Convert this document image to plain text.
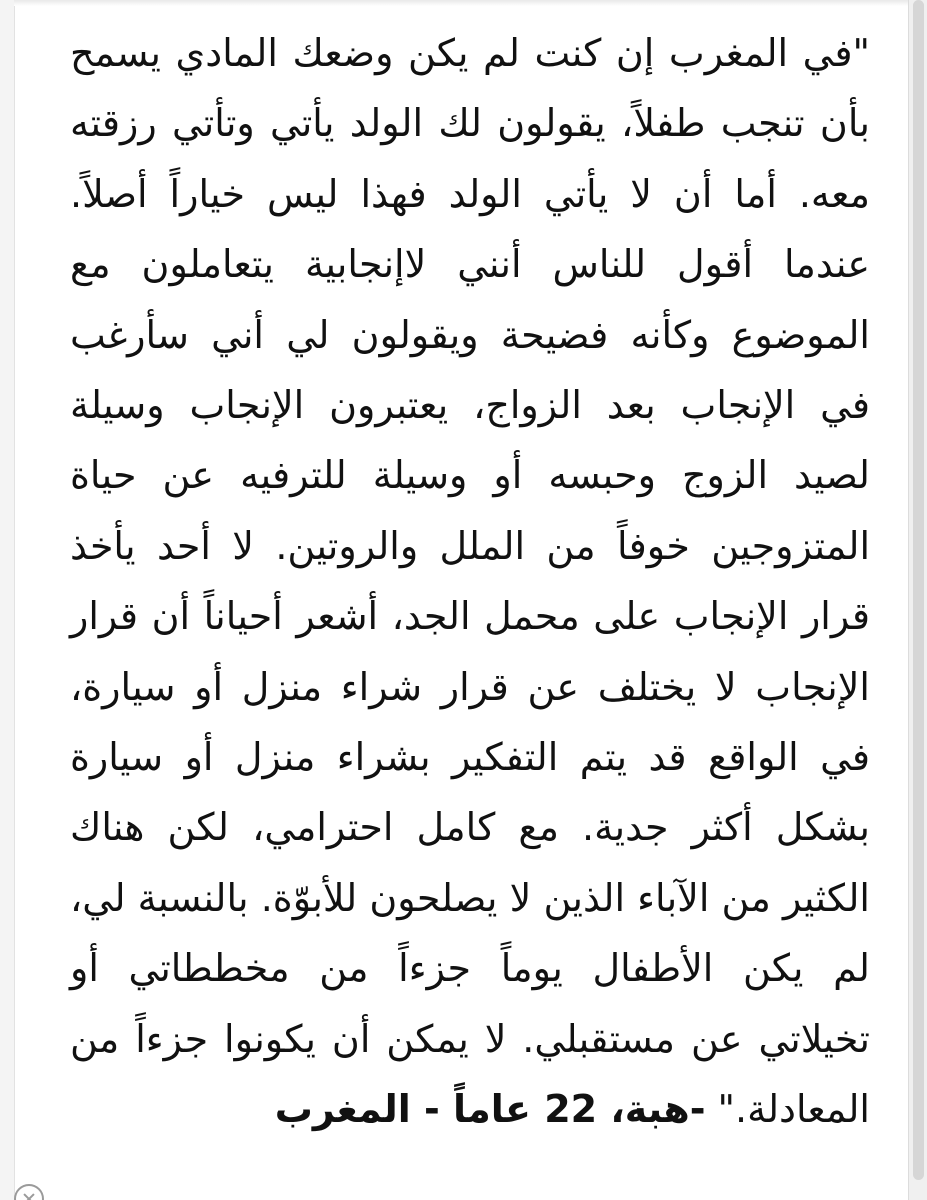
"في المغرب إن كنت لم يكن وضعك المادي يسمح بأن تنجب طفلاً، يقولون لك الولد يأتي وتأتي رزقته معه. أما أن لا يأتي الولد فهذا ليس خياراً أصلاً. عندما أقول للناس أنني لاإنجابية يتعاملون مع الموضوع وكأنه فضيحة ويقولون لي أني سأرغب في الإنجاب بعد الزواج، يعتبرون الإنجاب وسيلة لصيد الزوج وحبسه أو وسيلة للترفيه عن حياة المتزوجين خوفاً من الملل والروتين. لا أحد يأخذ قرار الإنجاب على محمل الجد، أشعر أحياناً أن قرار الإنجاب لا يختلف عن قرار شراء منزل أو سيارة، في الواقع قد يتم التفكير بشراء منزل أو سيارة بشكل أكثر جدية. مع كامل احترامي، لكن هناك الكثير من الآباء الذين لا يصلحون للأبوّة. بالنسبة لي، لم يكن الأطفال يوماً جزءاً من مخططاتي أو تخيلاتي عن مستقبلي. لا يمكن أن يكونوا جزءاً من المعادلة." -هبة، 22 عاماً - المغرب
